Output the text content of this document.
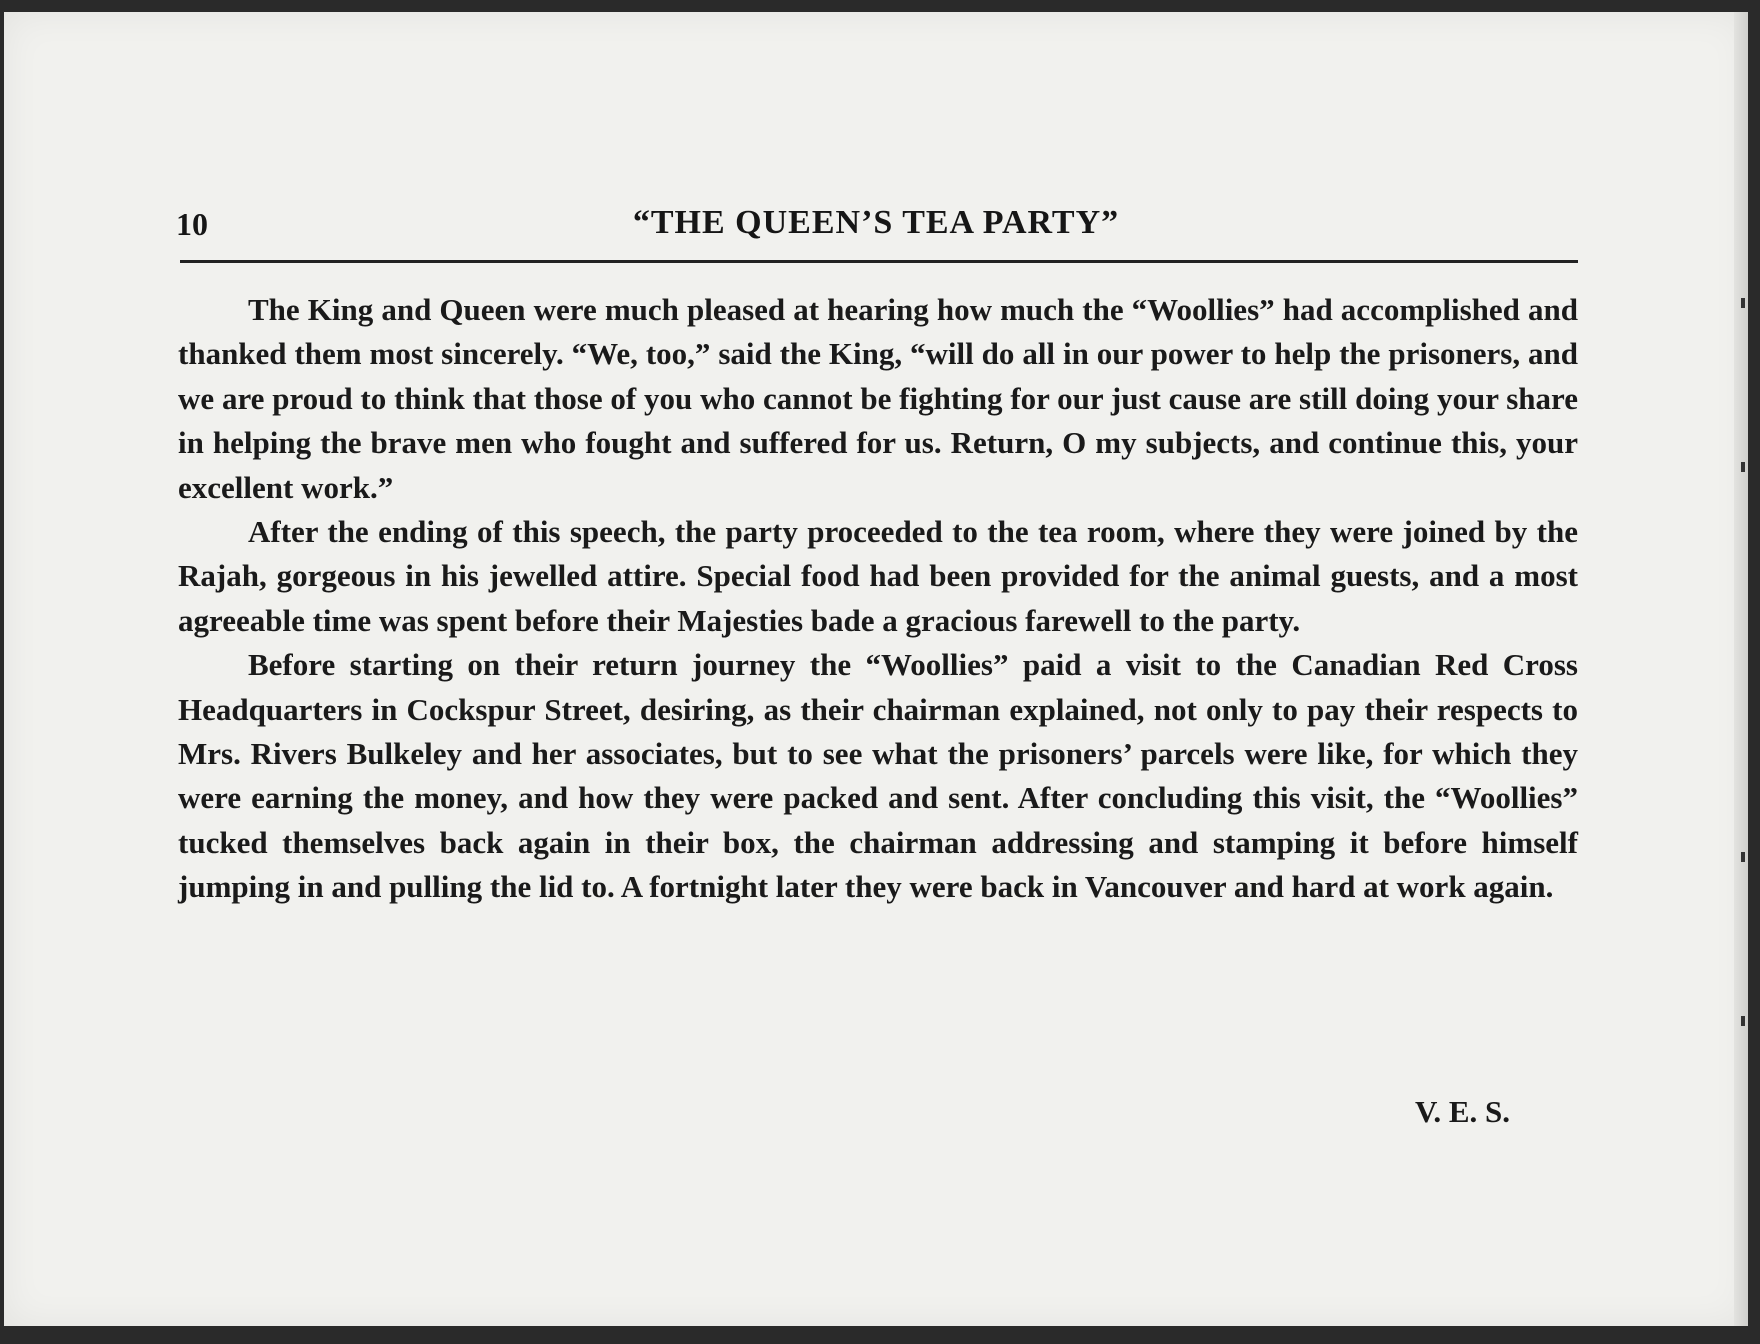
10	“THE QUEEN’S TEA PARTY”

The King and Queen were much pleased at hearing how much the “Woollies” had accomplished and thanked them most sincerely. “We, too,” said the King, “will do all in our power to help the prisoners, and we are proud to think that those of you who cannot be fighting for our just cause are still doing your share in helping the brave men who fought and suffered for us. Return, O my subjects, and continue this, your excellent work.”

After the ending of this speech, the party proceeded to the tea room, where they were joined by the Rajah, gorgeous in his jewelled attire. Special food had been provided for the animal guests, and a most agreeable time was spent before their Majesties bade a gracious farewell to the party.

Before starting on their return journey the “Woollies” paid a visit to the Canadian Red Cross Headquarters in Cockspur Street, desiring, as their chairman explained, not only to pay their respects to Mrs. Rivers Bulkeley and her associates, but to see what the prisoners’ parcels were like, for which they were earning the money, and how they were packed and sent. After concluding this visit, the “Woollies” tucked themselves back again in their box, the chairman addressing and stamping it before himself jumping in and pulling the lid to. A fortnight later they were back in Vancouver and hard at work again.

V. E. S.
